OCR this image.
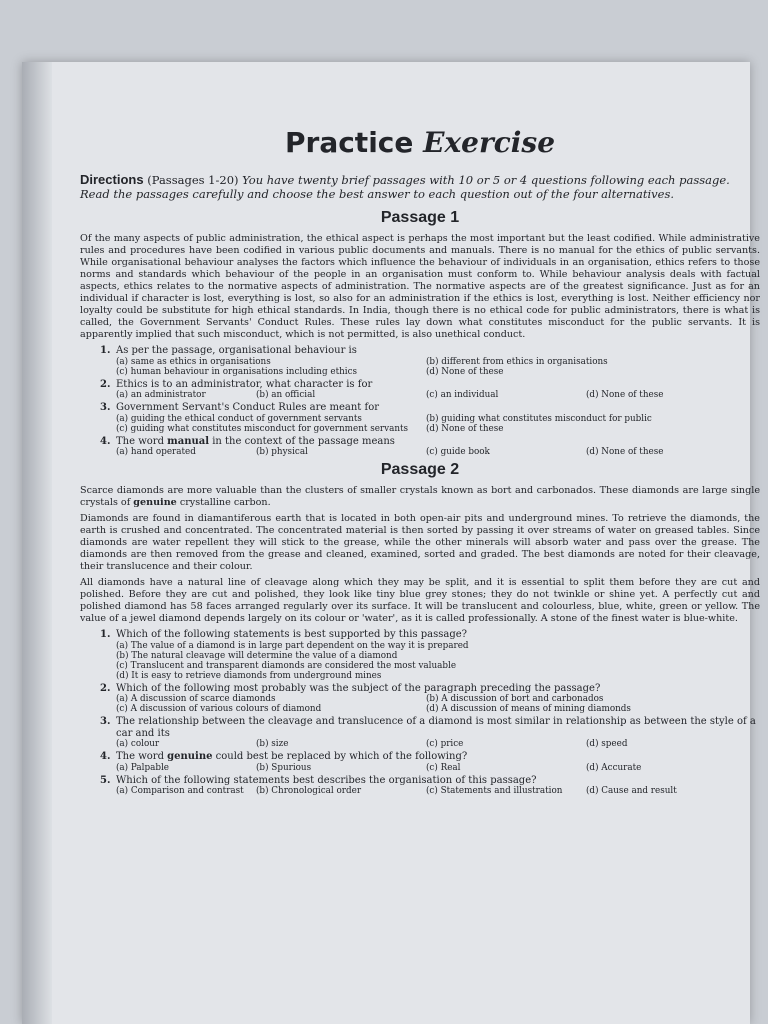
Practice Exercise
Directions (Passages 1-20) You have twenty brief passages with 10 or 5 or 4 questions following each passage. Read the passages carefully and choose the best answer to each question out of the four alternatives.
Passage 1

Of the many aspects of public administration, the ethical aspect is perhaps the most important but the least codified. While administrative rules and procedures have been codified in various public documents and manuals. There is no manual for the ethics of public servants. While organisational behaviour analyses the factors which influence the behaviour of individuals in an organisation, ethics refers to those norms and standards which behaviour of the people in an organisation must conform to. While behaviour analysis deals with factual aspects, ethics relates to the normative aspects of administration. The normative aspects are of the greatest significance. Just as for an individual if character is lost, everything is lost, so also for an administration if the ethics is lost, everything is lost. Neither efficiency nor loyalty could be substitute for high ethical standards. In India, though there is no ethical code for public administrators, there is what is called, the Government Servants' Conduct Rules. These rules lay down what constitutes misconduct for the public servants. It is apparently implied that such misconduct, which is not permitted, is also unethical conduct.

1. As per the passage, organisational behaviour is
(a) same as ethics in organisations	(b) different from ethics in organisations
(c) human behaviour in organisations including ethics	(d) None of these
2. Ethics is to an administrator, what character is for
(a) an administrator	(b) an official	(c) an individual	(d) None of these
3. Government Servant's Conduct Rules are meant for
(a) guiding the ethical conduct of government servants	(b) guiding what constitutes misconduct for public
(c) guiding what constitutes misconduct for government servants	(d) None of these
4. The word manual in the context of the passage means
(a) hand operated	(b) physical	(c) guide book	(d) None of these
Passage 2

Scarce diamonds are more valuable than the clusters of smaller crystals known as bort and carbonados. These diamonds are large single crystals of genuine crystalline carbon.

Diamonds are found in diamantiferous earth that is located in both open-air pits and underground mines. To retrieve the diamonds, the earth is crushed and concentrated. The concentrated material is then sorted by passing it over streams of water on greased tables. Since diamonds are water repellent they will stick to the grease, while the other minerals will absorb water and pass over the grease. The diamonds are then removed from the grease and cleaned, examined, sorted and graded. The best diamonds are noted for their cleavage, their translucence and their colour.

All diamonds have a natural line of cleavage along which they may be split, and it is essential to split them before they are cut and polished. Before they are cut and polished, they look like tiny blue grey stones; they do not twinkle or shine yet. A perfectly cut and polished diamond has 58 faces arranged regularly over its surface. It will be translucent and colourless, blue, white, green or yellow. The value of a jewel diamond depends largely on its colour or 'water', as it is called professionally. A stone of the finest water is blue-white.

1. Which of the following statements is best supported by this passage?
(a) The value of a diamond is in large part dependent on the way it is prepared
(b) The natural cleavage will determine the value of a diamond
(c) Translucent and transparent diamonds are considered the most valuable
(d) It is easy to retrieve diamonds from underground mines
2. Which of the following most probably was the subject of the paragraph preceding the passage?
(a) A discussion of scarce diamonds	(b) A discussion of bort and carbonados
(c) A discussion of various colours of diamond	(d) A discussion of means of mining diamonds
3. The relationship between the cleavage and translucence of a diamond is most similar in relationship as between the style of a car and its
(a) colour	(b) size	(c) price	(d) speed
4. The word genuine could best be replaced by which of the following?
(a) Palpable	(b) Spurious	(c) Real	(d) Accurate
5. Which of the following statements best describes the organisation of this passage?
(a) Comparison and contrast	(b) Chronological order	(c) Statements and illustration	(d) Cause and result
